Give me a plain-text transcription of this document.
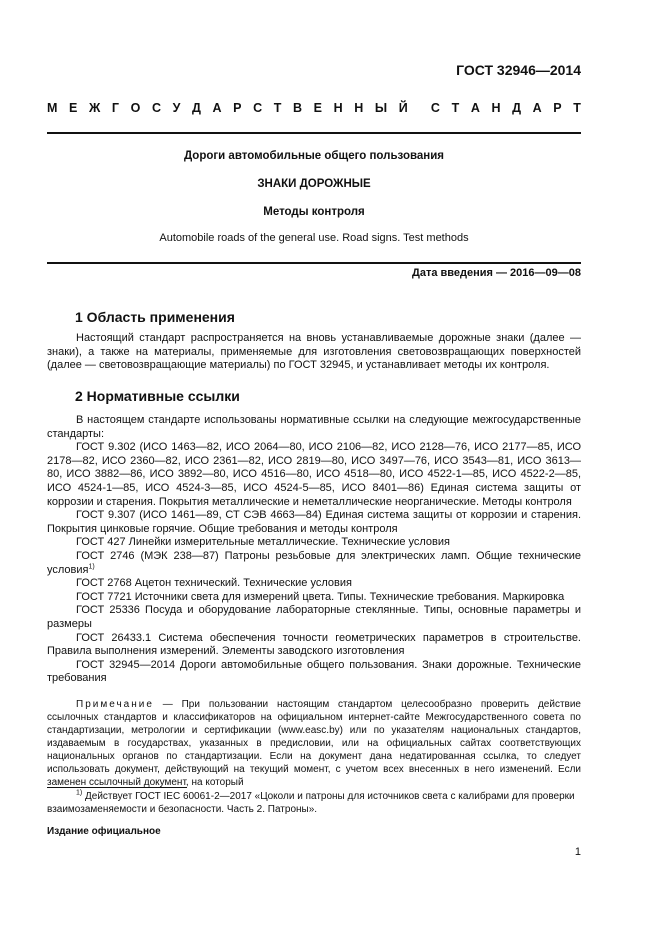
ГОСТ 32946—2014
М Е Ж Г О С У Д А Р С Т В Е Н Н Ы Й С Т А Н Д А Р Т
Дороги автомобильные общего пользования
ЗНАКИ ДОРОЖНЫЕ
Методы контроля
Automobile roads of the general use. Road signs. Test methods
Дата введения — 2016—09—08
1 Область применения

Настоящий стандарт распространяется на вновь устанавливаемые дорожные знаки (далее — знаки), а также на материалы, применяемые для изготовления световозвращающих поверхностей (далее — световозвращающие материалы) по ГОСТ 32945, и устанавливает методы их контроля.

2 Нормативные ссылки

В настоящем стандарте использованы нормативные ссылки на следующие межгосударственные стандарты:

ГОСТ 9.302 (ИСО 1463—82, ИСО 2064—80, ИСО 2106—82, ИСО 2128—76, ИСО 2177—85, ИСО 2178—82, ИСО 2360—82, ИСО 2361—82, ИСО 2819—80, ИСО 3497—76, ИСО 3543—81, ИСО 3613—80, ИСО 3882—86, ИСО 3892—80, ИСО 4516—80, ИСО 4518—80, ИСО 4522-1—85, ИСО 4522-2—85, ИСО 4524-1—85, ИСО 4524-3—85, ИСО 4524-5—85, ИСО 8401—86) Единая система защиты от коррозии и старения. Покрытия металлические и неметаллические неорганические. Методы контроля

ГОСТ 9.307 (ИСО 1461—89, СТ СЭВ 4663—84) Единая система защиты от коррозии и старения. Покрытия цинковые горячие. Общие требования и методы контроля

ГОСТ 427 Линейки измерительные металлические. Технические условия

ГОСТ 2746 (МЭК 238—87) Патроны резьбовые для электрических ламп. Общие технические условия$^{1)}$

ГОСТ 2768 Ацетон технический. Технические условия

ГОСТ 7721 Источники света для измерений цвета. Типы. Технические требования. Маркировка

ГОСТ 25336 Посуда и оборудование лабораторные стеклянные. Типы, основные параметры и размеры

ГОСТ 26433.1 Система обеспечения точности геометрических параметров в строительстве. Правила выполнения измерений. Элементы заводского изготовления

ГОСТ 32945—2014 Дороги автомобильные общего пользования. Знаки дорожные. Технические требования

Примечание — При пользовании настоящим стандартом целесообразно проверить действие ссылочных стандартов и классификаторов на официальном интернет-сайте Межгосударственного совета по стандартизации, метрологии и сертификации (www.easc.by) или по указателям национальных стандартов, издаваемым в государствах, указанных в предисловии, или на официальных сайтах соответствующих национальных органов по стандартизации. Если на документ дана недатированная ссылка, то следует использовать документ, действующий на текущий момент, с учетом всех внесенных в него изменений. Если заменен ссылочный документ, на который

$^{1)}$ Действует ГОСТ IEC 60061-2—2017 «Цоколи и патроны для источников света с калибрами для проверки взаимозаменяемости и безопасности. Часть 2. Патроны».
Издание официальное
1
